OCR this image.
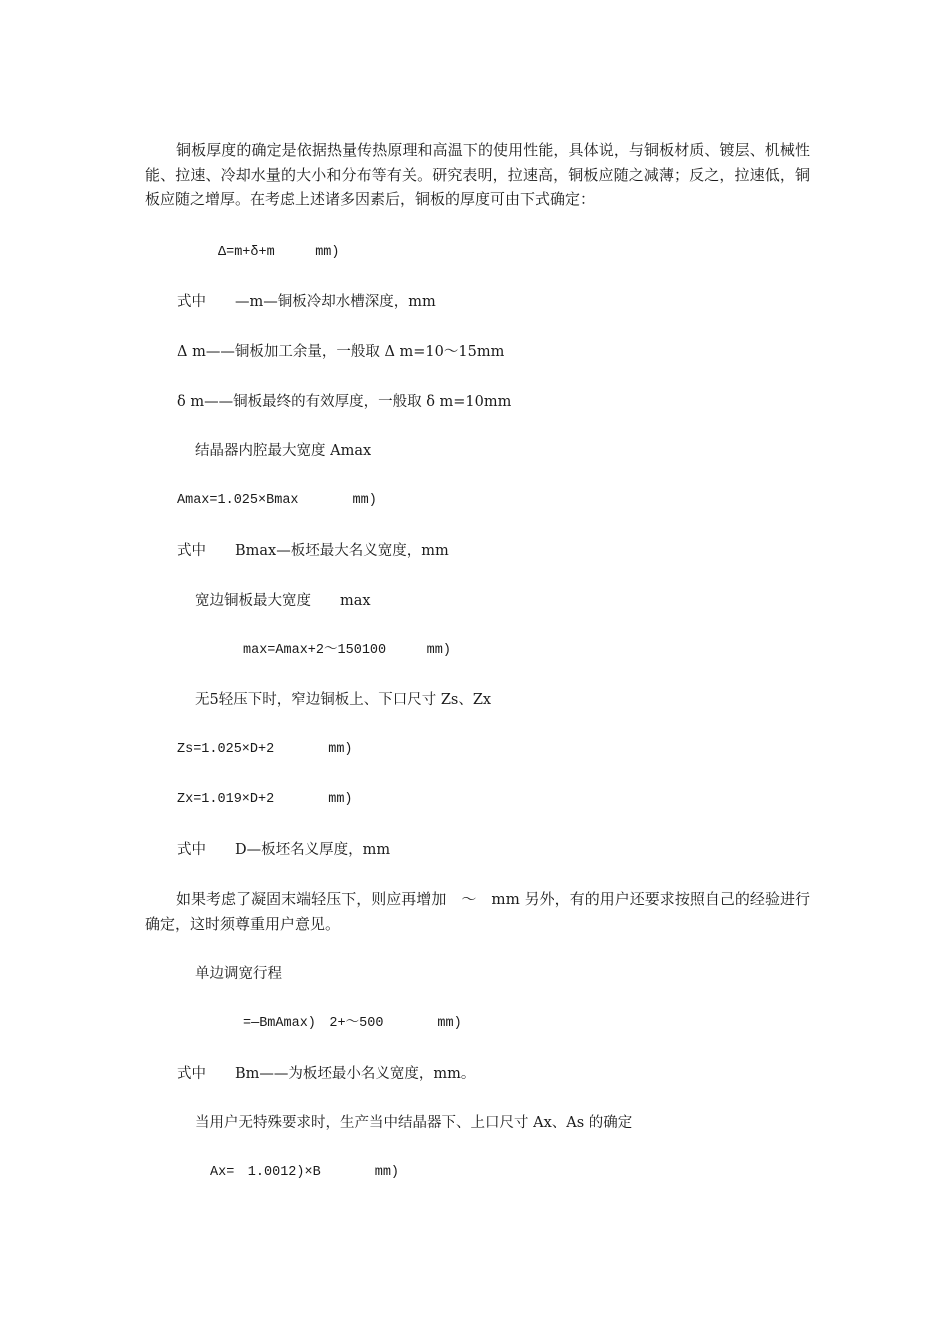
铜板厚度的确定是依据热量传热原理和高温下的使用性能，具体说，与铜板材质、镀层、机械性能、拉速、冷却水量的大小和分布等有关。研究表明，拉速高，铜板应随之减薄；反之，拉速低，铜板应随之增厚。在考虑上述诸多因素后，铜板的厚度可由下式确定：

Δ=m+δ+m　　　mm)
式中　　—m—铜板冷却水槽深度，mm
Δ m——铜板加工余量，一般取 Δ m=10～15mm
δ m——铜板最终的有效厚度，一般取 δ m=10mm
结晶器内腔最大宽度 Amax
Amax=1.025×Bmax　　　　mm)
式中　　Bmax—板坯最大名义宽度，mm
宽边铜板最大宽度　　max
max=Amax+2～150100　　　mm)
无5轻压下时，窄边铜板上、下口尺寸 Zs、Zx
Zs=1.025×D+2　　　　mm)
Zx=1.019×D+2　　　　mm)
式中　　D—板坯名义厚度，mm

如果考虑了凝固末端轻压下，则应再增加　～　mm 另外，有的用户还要求按照自己的经验进行确定，这时须尊重用户意见。

单边调宽行程
=—BmAmax)　2+～500　　　　mm)
式中　　Bm——为板坯最小名义宽度，mm。
当用户无特殊要求时，生产当中结晶器下、上口尺寸 Ax、As 的确定
Ax=　1.0012)×B　　　　mm)
